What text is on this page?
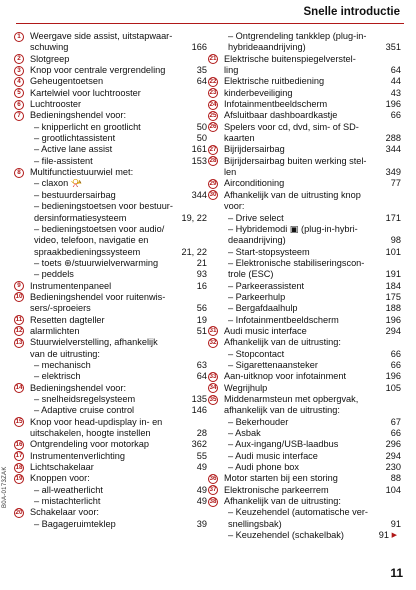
Snelle introductie
1	Weergave side assist, uitstapwaar-
schuwing	166
2	Slotgreep
3	Knop voor centrale vergrendeling	35
4	Geheugentoetsen	64
5	Kartelwiel voor luchtrooster
6	Luchtrooster
7	Bedieningshendel voor:
– knipperlicht en grootlicht	50
– grootlichtassistent	50
– Active lane assist	161
– file-assistent	153
8	Multifunctiestuurwiel met:
– claxon 📯
– bestuurdersairbag	344
– bedieningstoetsen voor bestuur-
dersinformatiesysteem	19, 22
– bedieningstoetsen voor audio/
video, telefoon, navigatie en
spraakbedieningssysteem	21, 22
– toets ⊛/stuurwielverwarming	21
– peddels	93
9	Instrumentenpaneel	16
10 Bedieningshendel voor ruitenwis-
sers/-sproeiers	56
11 Resetten dagteller	19
12 alarmlichten	51
13 Stuurwielverstelling, afhankelijk
van de uitrusting:
– mechanisch	63
– elektrisch	64
14 Bedieningshendel voor:
– snelheidsregelsysteem	135
– Adaptive cruise control	146
15 Knop voor head-updisplay in- en
uitschakelen, hoogte instellen	28
16 Ontgrendeling voor motorkap	362
17 Instrumentenverlichting	55
18 Lichtschakelaar	49
19 Knoppen voor:
– all-weatherlicht	49
– mistachterlicht	49
20 Schakelaar voor:
– Bagageruimteklep	39
– Ontgrendeling tankklep (plug-in-
hybrideaandrijving)	351
21 Elektrische buitenspiegelverstel-
ling	64
22 Elektrische ruitbediening	44
23 kinderbeveiliging	43
24 Infotainmentbeeldscherm	196
25 Afsluitbaar dashboardkastje	66
26 Spelers voor cd, dvd, sim- of SD-
kaarten	288
27 Bijrijdersairbag	344
28 Bijrijdersairbag buiten werking stel-
len	349
29 Airconditioning	77
30 Afhankelijk van de uitrusting knop
voor:
– Drive select	171
– Hybridemodi ▣ (plug-in-hybri-
deaandrijving)	98
– Start-stopsysteem	101
– Elektronische stabiliseringscon-
trole (ESC)	191
– Parkeerassistent	184
– Parkeerhulp	175
– Bergafdaalhulp	188
– Infotainmentbeeldscherm	196
31 Audi music interface	294
32 Afhankelijk van de uitrusting:
– Stopcontact	66
– Sigarettenaansteker	66
33 Aan-uitknop voor infotainment	196
34 Wegrijhulp	105
35 Middenarmsteun met opbergvak,
afhankelijk van de uitrusting:
– Bekerhouder	67
– Asbak	66
– Aux-ingang/USB-laadbus	296
– Audi music interface	294
– Audi phone box	230
36 Motor starten bij een storing	88
37 Elektronische parkeerrem	104
38 Afhankelijk van de uitrusting:
– Keuzehendel (automatische ver-
snellingsbak)	91
– Keuzehendel (schakelbak)	91 ▶
B0A-0173ZAK
11
